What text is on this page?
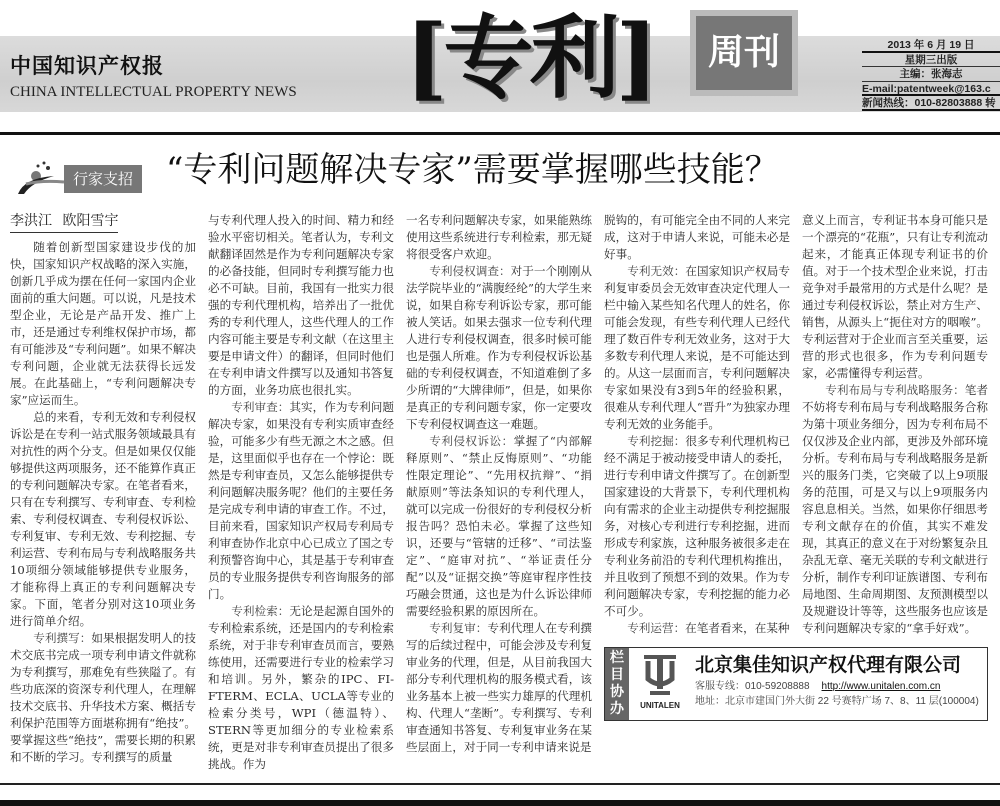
中国知识产权报
CHINA INTELLECTUAL PROPERTY NEWS [专利]	周刊	2013 年 6 月 19 日
星期三出版
主编：张海志
E-mail:patentweek@163.c
新闻热线：010-82803888 转
行家支招 “专利问题解决专家”需要掌握哪些技能？
李洪江 欧阳雪宇

随着创新型国家建设步伐的加快，国家知识产权战略的深入实施，创新几乎成为摆在任何一家国内企业面前的重大问题。可以说，凡是技术型企业，无论是产品开发、推广上市，还是通过专利维权保护市场，都有可能涉及“专利问题”。如果不解决专利问题，企业就无法获得长远发展。在此基础上，“专利问题解决专家”应运而生。

总的来看，专利无效和专利侵权诉讼是在专利一站式服务领域最具有对抗性的两个分支。但是如果仅仅能够提供这两项服务，还不能算作真正的专利问题解决专家。在笔者看来，只有在专利撰写、专利审查、专利检索、专利侵权调查、专利侵权诉讼、专利复审、专利无效、专利挖掘、专利运营、专利布局与专利战略服务共10项细分领域能够提供专业服务，才能称得上真正的专利问题解决专家。下面，笔者分别对这10项业务进行简单介绍。

专利撰写：如果根据发明人的技术交底书完成一项专利申请文件就称为专利撰写，那难免有些狭隘了。有些功底深的资深专利代理人，在理解技术交底书、升华技术方案、概括专利保护范围等方面堪称拥有“绝技”。要掌握这些“绝技”，需要长期的积累和不断的学习。专利撰写的质量

与专利代理人投入的时间、精力和经验水平密切相关。笔者认为，专利文献翻译固然是作为专利问题解决专家的必备技能，但同时专利撰写能力也必不可缺。目前，我国有一批实力很强的专利代理机构，培养出了一批优秀的专利代理人，这些代理人的工作内容可能主要是专利文献（在这里主要是申请文件）的翻译，但同时他们在专利申请文件撰写以及通知书答复的方面，业务功底也很扎实。

专利审查：其实，作为专利问题解决专家，如果没有专利实质审查经验，可能多少有些无源之木之感。但是，这里面似乎也存在一个悖论：既然是专利审查员，又怎么能够提供专利问题解决服务呢？他们的主要任务是完成专利申请的审查工作。不过，目前来看，国家知识产权局专利局专利审查协作北京中心已成立了国之专利预警咨询中心，其是基于专利审查员的专业服务提供专利咨询服务的部门。

专利检索：无论是起源自国外的专利检索系统，还是国内的专利检索系统，对于非专利审查员而言，要熟练使用，还需要进行专业的检索学习和培训。另外，繁杂的IPC、FI-FTERM、ECLA、UCLA等专业的检索分类号，WPI（德温特）、STERN等更加细分的专业检索系统，更是对非专利审查员提出了很多挑战。作为

一名专利问题解决专家，如果能熟练使用这些系统进行专利检索，那无疑将很受客户欢迎。

专利侵权调查：对于一个刚刚从法学院毕业的“满腹经纶”的大学生来说，如果自称专利诉讼专家，那可能被人笑话。如果去强求一位专利代理人进行专利侵权调查，很多时候可能也是强人所难。作为专利侵权诉讼基础的专利侵权调查，不知道难倒了多少所谓的“大牌律师”，但是，如果你是真正的专利问题专家，你一定要攻下专利侵权调查这一难题。

专利侵权诉讼：掌握了“内部解释原则”、“禁止反悔原则”、“功能性限定理论”、“先用权抗辩”、“捐献原则”等法条知识的专利代理人，就可以完成一份很好的专利侵权分析报告吗？恐怕未必。掌握了这些知识，还要与“管辖的迁移”、“司法鉴定”、“庭审对抗”、“举证责任分配”以及“证据交换”等庭审程序性技巧融会贯通，这也是为什么诉讼律师需要经验积累的原因所在。

专利复审：专利代理人在专利撰写的后续过程中，可能会涉及专利复审业务的代理，但是，从目前我国大部分专利代理机构的服务模式看，该业务基本上被一些实力雄厚的代理机构、代理人“垄断”。专利撰写、专利审查通知书答复、专利复审业务在某些层面上，对于同一专利申请来说是

脱钩的，有可能完全由不同的人来完成，这对于申请人来说，可能未必是好事。

专利无效：在国家知识产权局专利复审委员会无效审查决定代理人一栏中输入某些知名代理人的姓名，你可能会发现，有些专利代理人已经代理了数百件专利无效业务，这对于大多数专利代理人来说，是不可能达到的。从这一层面而言，专利问题解决专家如果没有3到5年的经验积累，很难从专利代理人“晋升”为独家办理专利无效的业务能手。

专利挖掘：很多专利代理机构已经不满足于被动接受申请人的委托，进行专利申请文件撰写了。在创新型国家建设的大背景下，专利代理机构向有需求的企业主动提供专利挖掘服务，对核心专利进行专利挖掘，进而形成专利家族，这种服务被很多走在专利业务前沿的专利代理机构推出，并且收到了预想不到的效果。作为专利问题解决专家，专利挖掘的能力必不可少。

专利运营：在笔者看来，在某种

意义上而言，专利证书本身可能只是一个漂亮的“花瓶”，只有让专利流动起来，才能真正体现专利证书的价值。对于一个技术型企业来说，打击竞争对手最常用的方式是什么呢？是通过专利侵权诉讼，禁止对方生产、销售，从源头上“扼住对方的咽喉”。专利运营对于企业而言至关重要，运营的形式也很多，作为专利问题专家，必需懂得专利运营。

专利布局与专利战略服务：笔者不妨将专利布局与专利战略服务合称为第十项业务细分，因为专利布局不仅仅涉及企业内部，更涉及外部环境分析。专利布局与专利战略服务是新兴的服务门类，它突破了以上9项服务的范围，可是又与以上9项服务内容息息相关。当然，如果你仔细思考专利文献存在的价值，其实不难发现，其真正的意义在于对纷繁复杂且杂乱无章、毫无关联的专利文献进行分析，制作专利印证族谱图、专利布局地图、生命周期图、友预测模型以及规避设计等等，这些服务也应该是专利问题解决专家的“拿手好戏”。

栏目协办	UNITALEN
北京集佳知识产权代理有限公司
客服专线：010-59208888 http://www.unitalen.com.cn
地址：北京市建国门外大街 22 号赛特广场 7、8、11 层(100004)
